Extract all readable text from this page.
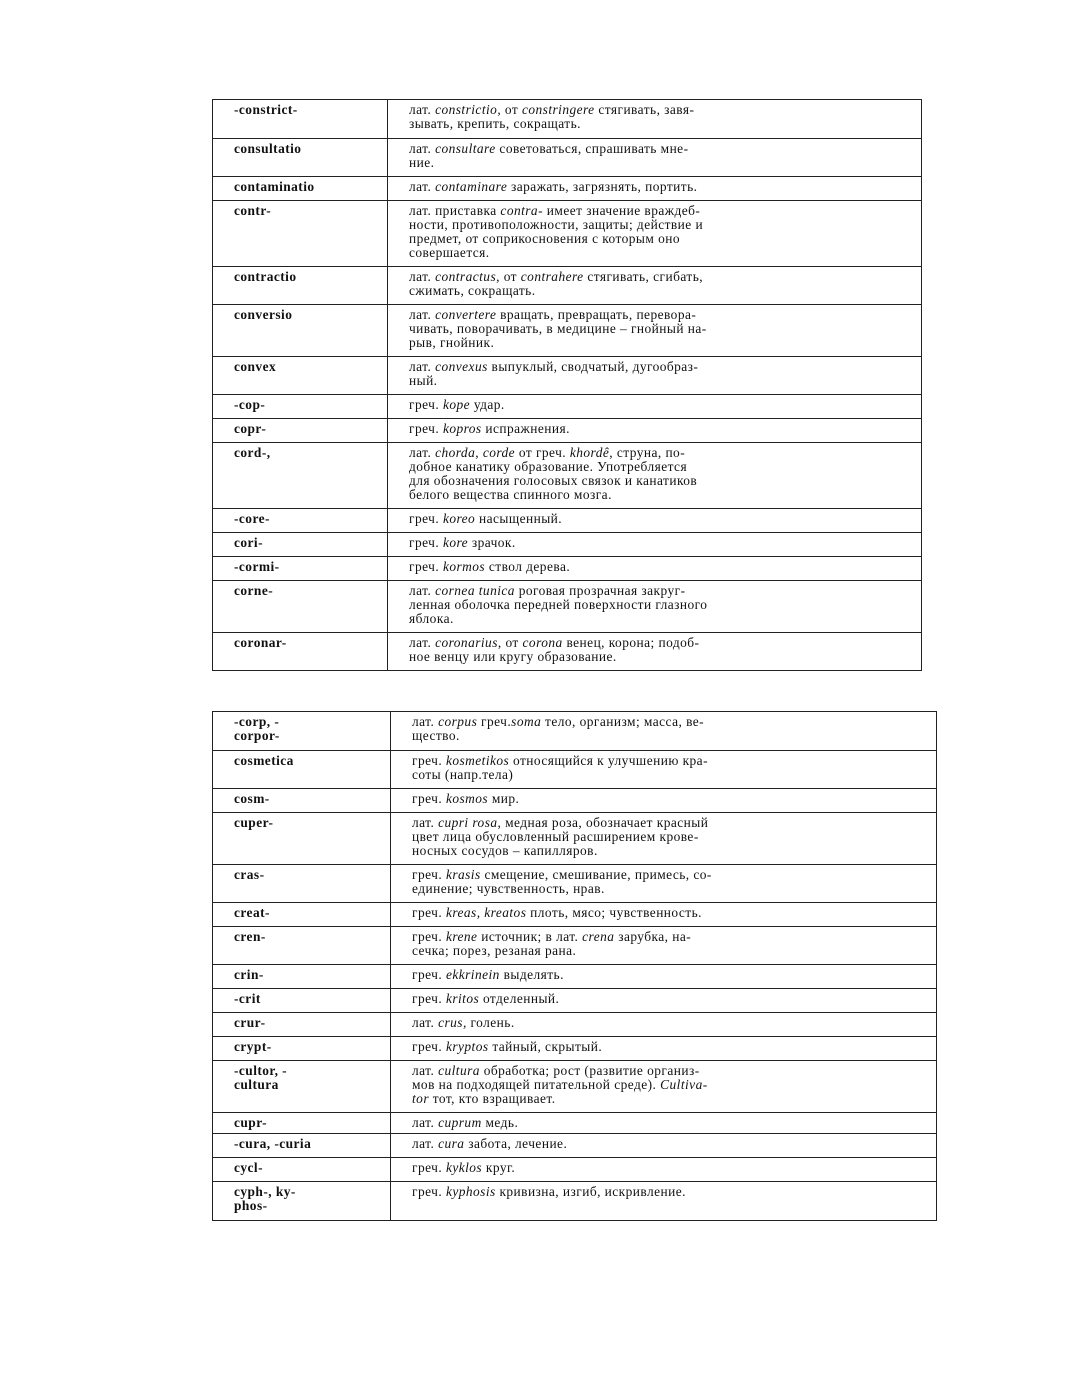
-constrict-	лат. constrictio, от constringere стягивать, завя-
зывать, крепить, сокращать.
consultatio	лат. consultare советоваться, спрашивать мне-
ние.
contaminatio	лат. contaminare заражать, загрязнять, портить.
contr-	лат. приставка contra- имеет значение враждеб-
ности, противоположности, защиты; действие и
предмет, от соприкосновения с которым оно
совершается.
contractio	лат. contractus, от contrahere стягивать, сгибать,
сжимать, сокращать.
conversio	лат. convertere вращать, превращать, перевора-
чивать, поворачивать, в медицине – гнойный на-
рыв, гнойник.
convex	лат. convexus выпуклый, сводчатый, дугообраз-
ный.
-cop-	греч. kope удар.
copr-	греч. kopros испражнения.
cord-,	лат. chorda, corde от греч. khordê, струна, по-
добное канатику образование. Употребляется
для обозначения голосовых связок и канатиков
белого вещества спинного мозга.
-core-	греч. koreo насыщенный.
cori-	греч. kore зрачок.
-cormi-	греч. kormos ствол дерева.
corne-	лат. cornea tunica роговая прозрачная закруг-
ленная оболочка передней поверхности глазного
яблока.
coronar-	лат. coronarius, от corona венец, корона; подоб-
ное венцу или кругу образование.
-corp, -
corpor-	лат. corpus греч.soma тело, организм; масса, ве-
щество.
cosmetica	греч. kosmetikos относящийся к улучшению кра-
соты (напр.тела)
cosm-	греч. kosmos мир.
cuper-	лат. cupri rosa, медная роза, обозначает красный
цвет лица обусловленный расширением крове-
носных сосудов – капилляров.
cras-	греч. krasis смещение, смешивание, примесь, со-
единение; чувственность, нрав.
creat-	греч. kreas, kreatos плоть, мясо; чувственность.
cren-	греч. krene источник; в лат. crena зарубка, на-
сечка; порез, резаная рана.
crin-	греч. ekkrinein выделять.
-crit	греч. kritos отделенный.
crur-	лат. crus, голень.
crypt-	греч. kryptos тайный, скрытый.
-cultor, -
cultura	лат. cultura обработка; рост (развитие организ-
мов на подходящей питательной среде). Cultiva-
tor тот, кто взращивает.
cupr-	лат. cuprum медь.
-cura, -curia	лат. cura забота, лечение.
cycl-	греч. kyklos круг.
cyph-, ky-
phos-	греч. kyphosis кривизна, изгиб, искривление.
